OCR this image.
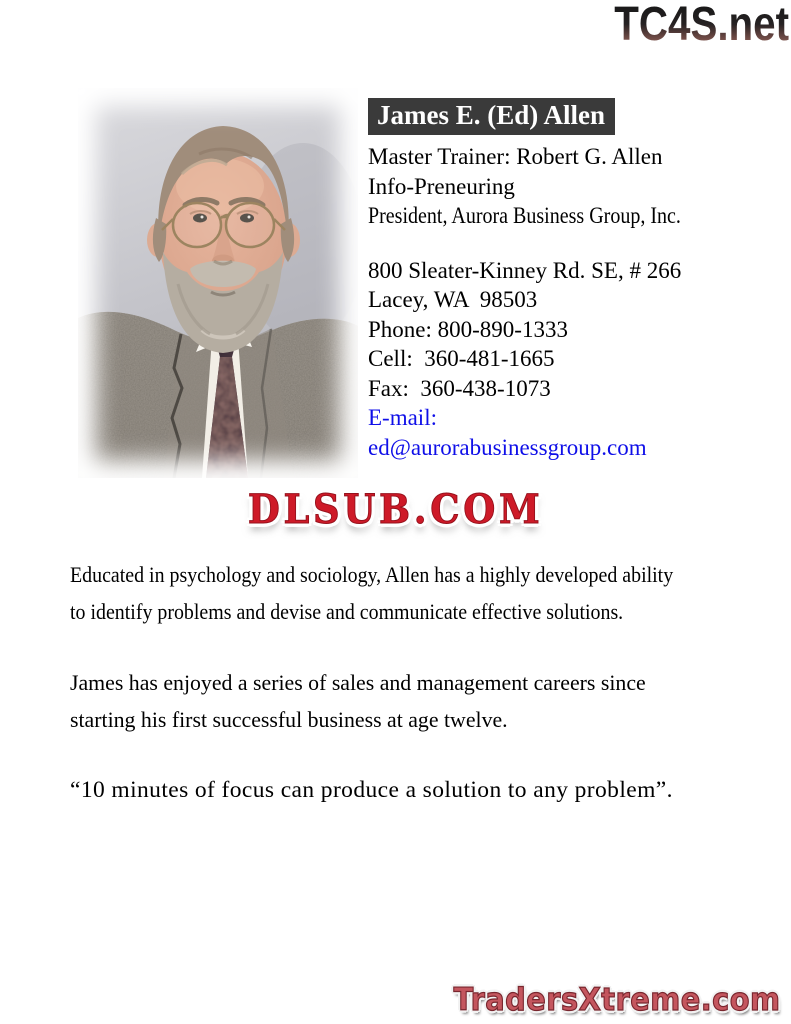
TC4S.net
James E. (Ed) Allen
Master Trainer: Robert G. Allen
Info-Preneuring
President, Aurora Business Group, Inc.
800 Sleater-Kinney Rd. SE, # 266
Lacey, WA  98503
Phone: 800-890-1333
Cell:  360-481-1665
Fax:  360-438-1073
E-mail:
ed@aurorabusinessgroup.com
DLSUB.COM
Educated in psychology and sociology, Allen has a highly developed ability
to identify problems and devise and communicate effective solutions.
James has enjoyed a series of sales and management careers since
starting his first successful business at age twelve.
“10 minutes of focus can produce a solution to any problem”.
TradersXtreme.com
